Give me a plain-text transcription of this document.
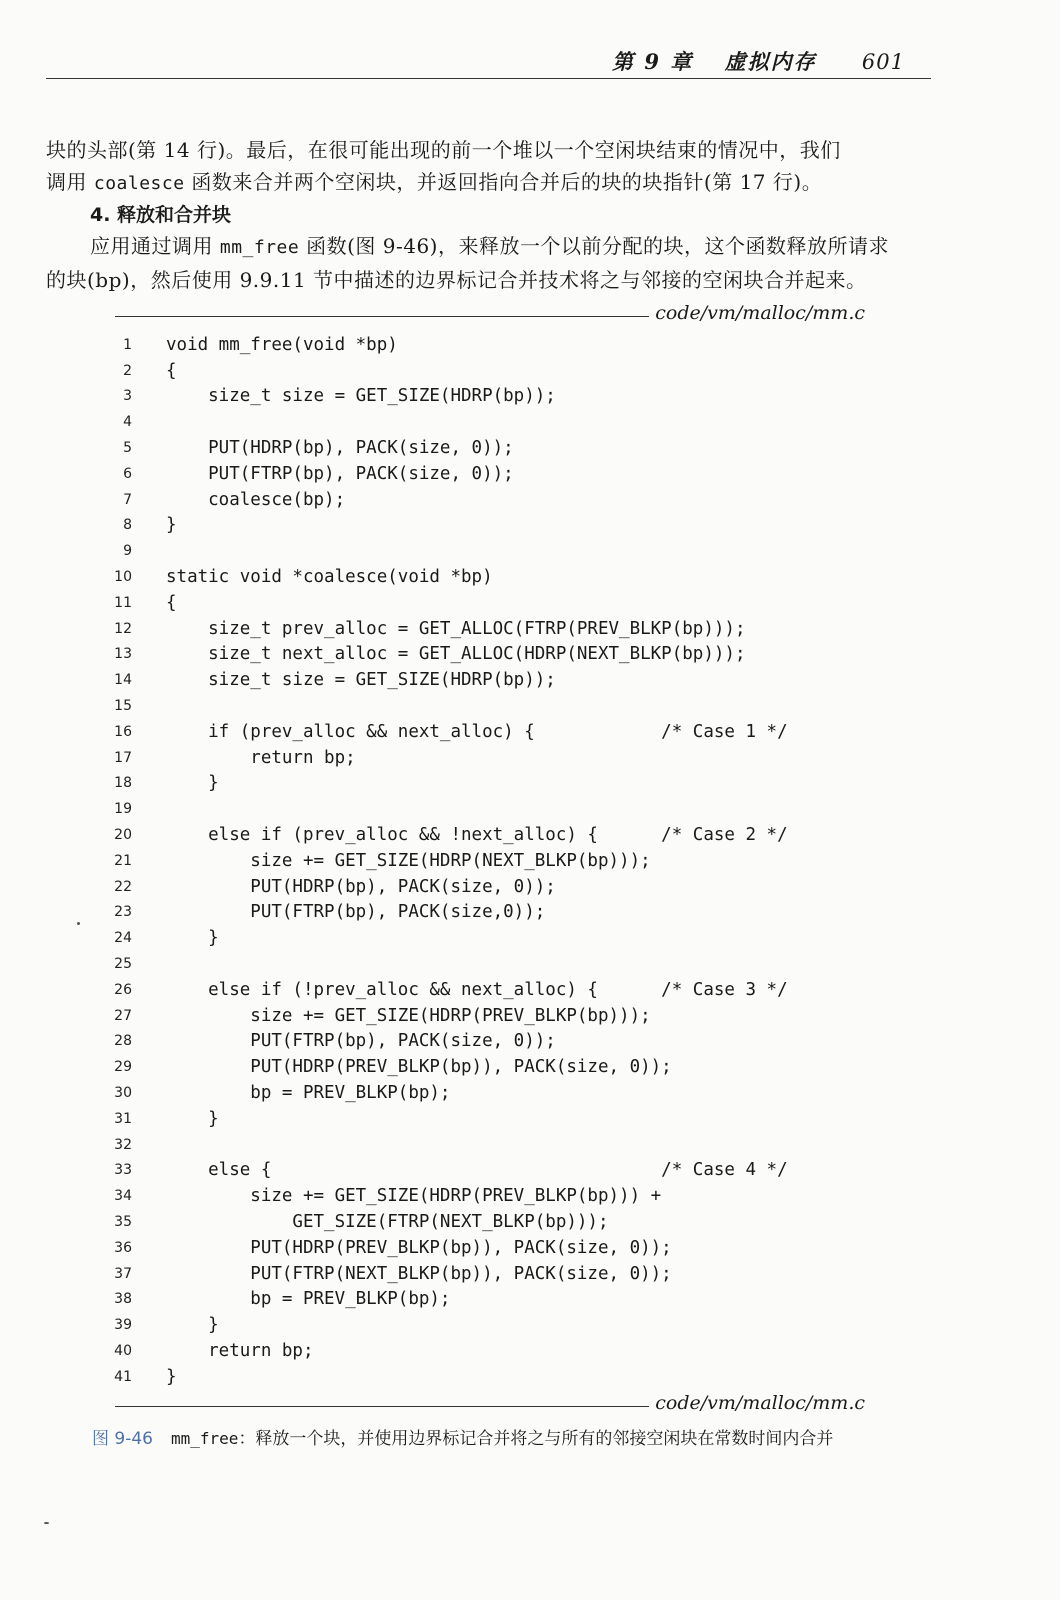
第 9 章 虚拟内存 601

块的头部(第 14 行)。最后，在很可能出现的前一个堆以一个空闲块结束的情况中，我们
调用 coalesce 函数来合并两个空闲块，并返回指向合并后的块的块指针(第 17 行)。

4. 释放和合并块

应用通过调用 mm_free 函数(图 9-46)，来释放一个以前分配的块，这个函数释放所请求
的块(bp)，然后使用 9.9.11 节中描述的边界标记合并技术将之与邻接的空闲块合并起来。

code/vm/malloc/mm.c
1 void mm_free(void *bp)
2 {
3 size_t size = GET_SIZE(HDRP(bp));
4
5 PUT(HDRP(bp), PACK(size, 0));
6 PUT(FTRP(bp), PACK(size, 0));
7 coalesce(bp);
8 }
9
10 static void *coalesce(void *bp)
11 {
12 size_t prev_alloc = GET_ALLOC(FTRP(PREV_BLKP(bp)));
13 size_t next_alloc = GET_ALLOC(HDRP(NEXT_BLKP(bp)));
14 size_t size = GET_SIZE(HDRP(bp));
15
16 if (prev_alloc && next_alloc) {            /* Case 1 */
17 return bp;
18 }
19
20 else if (prev_alloc && !next_alloc) {      /* Case 2 */
21 size += GET_SIZE(HDRP(NEXT_BLKP(bp)));
22 PUT(HDRP(bp), PACK(size, 0));
23 PUT(FTRP(bp), PACK(size,0));
24 }
25
26 else if (!prev_alloc && next_alloc) {      /* Case 3 */
27 size += GET_SIZE(HDRP(PREV_BLKP(bp)));
28 PUT(FTRP(bp), PACK(size, 0));
29 PUT(HDRP(PREV_BLKP(bp)), PACK(size, 0));
30 bp = PREV_BLKP(bp);
31 }
32
33 else {                                     /* Case 4 */
34 size += GET_SIZE(HDRP(PREV_BLKP(bp))) +
35 GET_SIZE(FTRP(NEXT_BLKP(bp)));
36 PUT(HDRP(PREV_BLKP(bp)), PACK(size, 0));
37 PUT(FTRP(NEXT_BLKP(bp)), PACK(size, 0));
38 bp = PREV_BLKP(bp);
39 }
40 return bp;
41 }
code/vm/malloc/mm.c
图 9-46 mm_free：释放一个块，并使用边界标记合并将之与所有的邻接空闲块在常数时间内合并
